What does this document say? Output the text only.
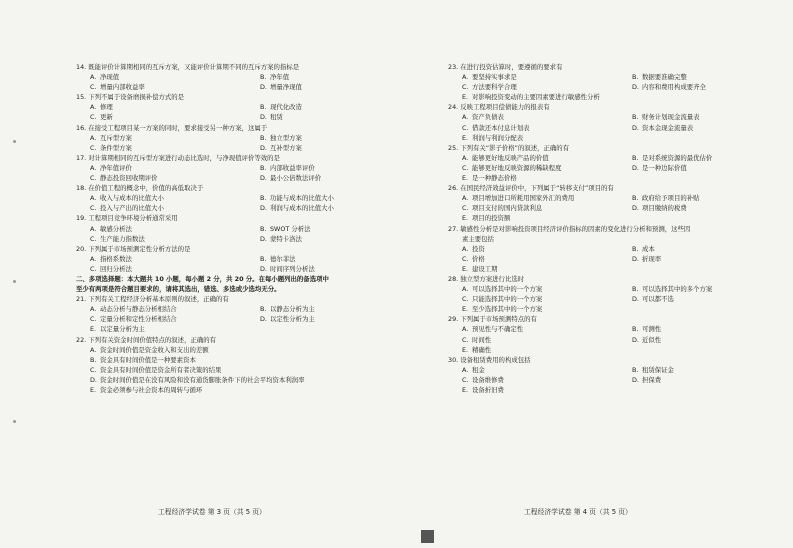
14. 既能评价计算期相同的互斥方案，又能评价计算期不同的互斥方案的指标是
A. 净现值	B. 净年值
C. 增量内部收益率	D. 增量净现值
15. 下列不属于设备磨损补偿方式的是
A. 修理	B. 现代化改造
C. 更新	D. 租赁
16. 在接受工程项目某一方案的同时，要求接受另一种方案，这属于
A. 互斥型方案	B. 独立型方案
C. 条件型方案	D. 互补型方案
17. 对计算期相同的互斥型方案进行动态比选时，与净现值评价等效的是
A. 净年值评价	B. 内部收益率评价
C. 静态投资回收期评价	D. 最小公倍数法评价
18. 在价值工程的概念中，价值的高低取决于
A. 收入与成本的比值大小	B. 功能与成本的比值大小
C. 投入与产出的比值大小	D. 利润与成本的比值大小
19. 工程项目竞争环境分析通常采用
A. 敏感分析法	B. SWOT 分析法
C. 生产能力指数法	D. 蒙特卡洛法
20. 下列属于市场预测定性分析方法的是
A. 指格系数法	B. 德尔菲法
C. 回归分析法	D. 时间序列分析法
二、多项选择题：本大题共 10 小题，每小题 2 分，共 20 分。在每小题列出的备选项中
至少有两项是符合题目要求的，请将其选出，错选、多选或少选均无分。
21. 下列有关工程经济分析基本原则的叙述，正确的有
A. 动态分析与静态分析相结合	B. 以静态分析为主
C. 定量分析和定性分析相结合	D. 以定性分析为主
E. 以定量分析为主
22. 下列有关资金时间价值特点的叙述，正确的有
A. 资金时间价值是资金收入和支出的差额
B. 资金具有时间价值是一种要素资本
C. 资金具有时间价值是资金所有者决策的结果
D. 资金时间价值是在没有风险和没有通货膨胀条件下的社会平均资本利润率
E. 资金必须参与社会资本的周转与循环
23. 在进行投资估算时，要遵循的要求有
A. 要坚持实事求是	B. 数据要准确完整
C. 方法要科学合理	D. 内容和费用构成要齐全
E. 对影响投资变动的主要因素要进行敏感性分析
24. 反映工程项目偿债能力的报表有
A. 资产负债表	B. 财务计划现金流量表
C. 借款还本付息计划表	D. 资本金现金流量表
E. 利润与利润分配表
25. 下列有关“影子价格”的叙述，正确的有
A. 能够更好地反映产品的价值	B. 是对系统资源的最优估价
C. 能够更好地反映资源的稀缺程度	D. 是一种边际价值
E. 是一种静态价格
26. 在国民经济效益评价中，下列属于“转移支付”项目的有
A. 项目增加进口所耗用国家外汇的费用	B. 政府给予项目的补贴
C. 项目支付的国内贷款利息	D. 项目缴纳的税费
E. 项目的投资额
27. 敏感性分析是对影响投资项目经济评价指标的因素的变化进行分析和预测，这些因
素主要包括
A. 投资	B. 成本
C. 价格	D. 折现率
E. 建设工期
28. 独立型方案进行比选时
A. 可以选择其中的一个方案	B. 可以选择其中的多个方案
C. 只能选择其中的一个方案	D. 可以都不选
E. 至少选择其中的一个方案
29. 下列属于市场预测特点的有
A. 预见性与不确定性	B. 可测性
C. 时间性	D. 近似性
E. 精确性
30. 设备租赁费用的构成包括
A. 租金	B. 租赁保证金
C. 设备维修费	D. 担保费
E. 设备折旧费
工程经济学试卷 第 3 页（共 5 页）	工程经济学试卷 第 4 页（共 5 页）
